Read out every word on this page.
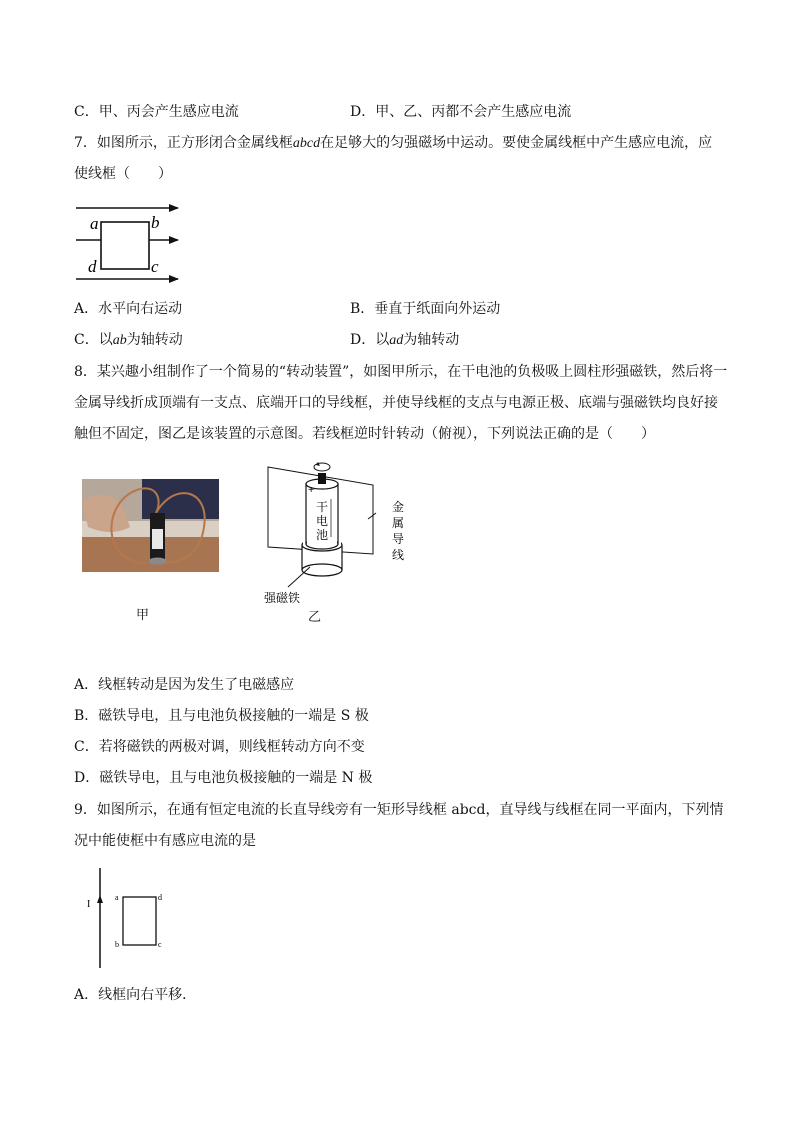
C．甲、丙会产生感应电流	D．甲、乙、丙都不会产生感应电流
7．如图所示，正方形闭合金属线框abcd在足够大的匀强磁场中运动。要使金属线框中产生感应电流，应
使线框（　　）
a	b
d	c
A．水平向右运动	B．垂直于纸面向外运动
C．以ab为轴转动	D．以ad为轴转动
8．某兴趣小组制作了一个简易的“转动装置”，如图甲所示，在干电池的负极吸上圆柱形强磁铁，然后将一
金属导线折成顶端有一支点、底端开口的导线框，并使导线框的支点与电源正极、底端与强磁铁均良好接
触但不固定，图乙是该装置的示意图。若线框逆时针转动（俯视），下列说法正确的是（　　）
甲
+
干
电
池
金
属
导
线
强磁铁
乙
A．线框转动是因为发生了电磁感应
B．磁铁导电，且与电池负极接触的一端是 S 极
C．若将磁铁的两极对调，则线框转动方向不变
D．磁铁导电，且与电池负极接触的一端是 N 极
9．如图所示，在通有恒定电流的长直导线旁有一矩形导线框 abcd，直导线与线框在同一平面内，下列情
况中能使框中有感应电流的是
I
a	d
b	c
A．线框向右平移．
